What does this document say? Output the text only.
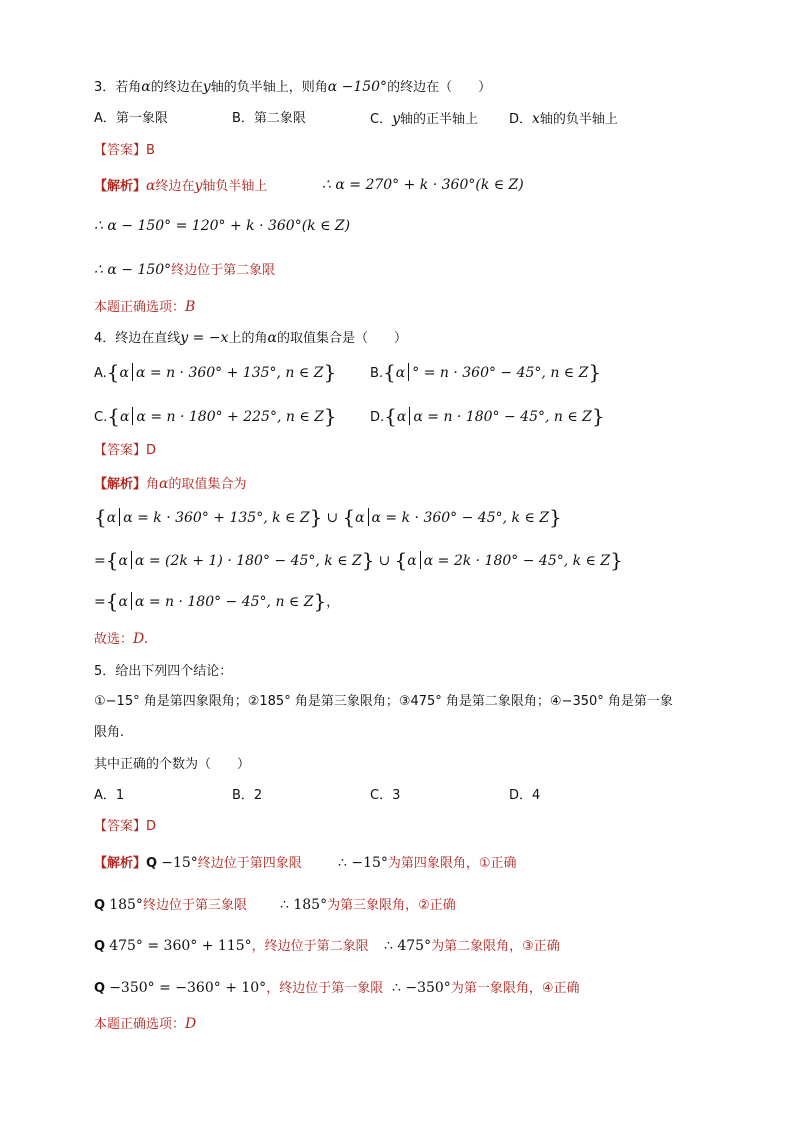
3．若角α的终边在y轴的负半轴上，则角α −150°的终边在（　　）
A．第一象限	B．第二象限	C．y轴的正半轴上 D．x轴的负半轴上
【答案】B
【解析】α终边在y轴负半轴上	∴ α = 270° + k · 360°(k ∈ Z)
∴ α − 150° = 120° + k · 360°(k ∈ Z)
∴ α − 150°终边位于第二象限
本题正确选项：B
4．终边在直线y = −x上的角α的取值集合是（　　）
A.{α α = n · 360° + 135°, n ∈ Z}	B.{α ° = n · 360° − 45°, n ∈ Z}
C.{α α = n · 180° + 225°, n ∈ Z}	D.{α α = n · 180° − 45°, n ∈ Z}
【答案】D
【解析】角α的取值集合为
{α α = k · 360° + 135°, k ∈ Z} ∪ {α α = k · 360° − 45°, k ∈ Z}
={α α = (2k + 1) · 180° − 45°, k ∈ Z} ∪ {α α = 2k · 180° − 45°, k ∈ Z}
={α α = n · 180° − 45°, n ∈ Z}，
故选：D.
5．给出下列四个结论：
①−15° 角是第四象限角；②185° 角是第三象限角；③475° 角是第二象限角；④−350° 角是第一象
限角.
其中正确的个数为（　　）
A．1	B．2	C．3	D．4
【答案】D
【解析】Q −15°终边位于第四象限	∴ −15°为第四象限角，①正确
Q 185°终边位于第三象限 ∴ 185°为第三象限角，②正确
Q 475° = 360° + 115°，终边位于第二象限 ∴ 475°为第二象限角，③正确
Q −350° = −360° + 10°，终边位于第一象限 ∴ −350°为第一象限角，④正确
本题正确选项：D
